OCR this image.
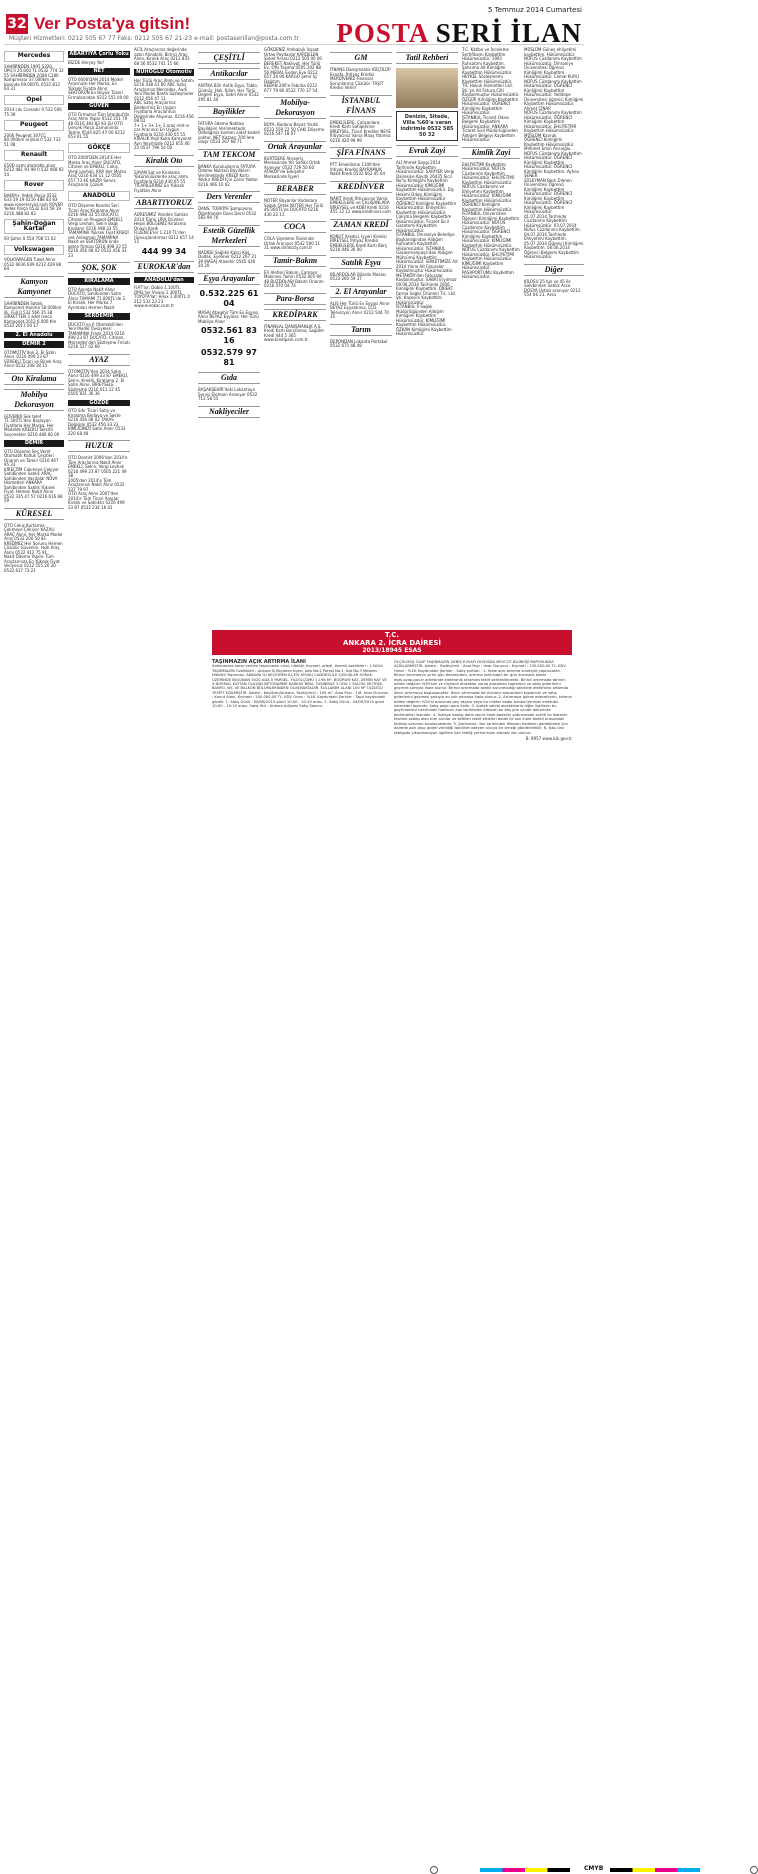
32 Ver Posta'ya gitsin!
Müşteri Hizmetleri: 0212 505 67 77 Faks: 0212 505 67 21-23 e-mail: postaseriilan@posta.com.tr
5 Temmuz 2014 Cumartesi
POSTA SERİ İLAN
Mercedes
SAHİBİNDEN 1995 S320, UPG'li 25.000 TL 0532 774 32 55 SAHİBİNDEN 2008 C180 Kompressor 37.000km ilk basında 69.000TL 0532 812 64 31
Opel
2014 cıkı Corsadır 0 532 506 75 39
Peugeot
2006 Peugeot 307CC 80.000km orijinal 0 532 733 51 08
Renault
E50D cami otomatik alınır 0212 481 91 98 0 532 468 92 54
Rover
BAKIM+ Yedek Parça 0532 633 59 19 0216 488 83 83 www.roverservisi.com ROVER Yedek Parça 0532 633 59 19 0216 488 83 83
Şahin-Doğan Kartal
93 Şahin 0 554 708 51 02
Volkswagen
VOLKSWAGEN Tuket Alınır 0532 6636 609 0212 429 86 64
Kamyon Kamyonet
SAHİBİNDEN Satılık Kamyonet Hanma 58.000km ilk, Full 0 532 566 35 38 SİRKETTEN 3 adet Iveco Kamyonet 2012 6.000 Km 0532 2017 00 17
2. El Anadolu
DEMİR 2
OTOMOTİV'den 2. El Satın Alınır. 0216 499 23 87 SÜREKLİ Ticari ve Binek Araç Alınır 0532 208 18 15
Oto Kiralama
Mobilya Dekorasyon
GÜVENİR Sek telef 71.500TL'den Başlayan Fiyatlarla Her Marka, Her Modelde KREDİLİ Taksitli Seçenekler 0216 466 80 00
DEMİR
OTO Döşeme Seç Veret Otomatik Koltuk Çeşitleri Onarım ve Tamiri 0216 467 95 33
KİREÇÖM Cekmeye Çekiyor Sahibinden Satılık ARAÇ Sahibinden Vasıtalar NÜVA Hizmetleri ANKARA Sahibinden Satılık Yüksek Fiyat. Hemen Nakit Alınır 0532 335 47 57 0216 616 68 59
KÜRESEL
OTO Cekiş Kurtarma Çekmeye Çekiyor KAZALI ARAÇ Alınır. Her Marka Model Araç 0532 200 50 81 KREDİNİZ Her Sorunu Hemen Çözülür Güvenilir, Hızlı Araç Alımı 0532 412 75 91
Nakit Ödeme Yapılır. Tüm Araçlarınıza En Yüksek Fiyat Veriyoruz 0212 555 20 20 0532 617 73 21
ABARTIYA Çorlu Yoku
BİZDE Herşey Yer!
NET
OTO 6000'DAN 2014 Model Aracınızın Her Marka, En Yüksek Fiyatla Alınır SEKTÖRÜN En Büyük Tüzeri Firmalarından 0212 555 00 00
GÜVEN
OTO Firmamız Tüm İstanbul'da Araç Alımı Yapar 0532 251 79 48 0216 383 83 83 ŞU OTO Gerçek Parça Zamanında Teslim 0544 825 47 00 0212 653 01 55
GÖKÇE
OTO 2000'DEN 2014'E Her Marka Araç Alınır DUCATO, Citroen ve EMEKLİ, Cekiş, Vergi Levhalı, KAR Her Marka Araç 0216 634 11 12 0505 657 73 46 HAZIR Servis Araçlarına Çözüm
ANADOLU
OTO Döşeme Kondisi Seri Ticari Araç Kiralama Alınır 0216 498 33 55 DUCATO, Citroen ve Peugeot EMEKLİ, Vergi Levhalı, Sek'e Bağlı Kiralanır 0216 498 33 55 TAMAMINA Yüksek Fiyat KREDİ sek Anlaşmalı TAMAMINA Nakit ve SEKTÖRÜN önde gelen firması 0216 498 33 55
0216 456 08 02 0532 456 33 23
ŞOK, ŞOK
KİRALAMA
OTO Anında Nakit Alınır DUCATO, Sahibinden Satın Alınır TAMAMI 71.000TL'de 2. El Kiralık, Her Marka 7 Ayrıntıları Hemen Nakit
SERDEMİR
DUCATO'ya 6 Otomobil'den Yeni Model Tavsiyeleri TAMAMINA Frank 2014 0216 499 23 87 DUCATO, Citroen, Mercedes'den Sözleşme Fırsatı 0216 527 02 69
AYAZ
OTOMOTİV'den 2014 Satın Alınır 0216 499 23 87 EMEKLİ, Sek'e, Kredili, Kiralama 2. El Satın Alınır, BİREYSELE Sözleşme 0216 611 12 45 0505 831 36 36
GÖZDE
OTO Sıfır Ticari Satış ve Kiralama Bedava ve Sekte 0216 456 08 02 TAKAS Değişimi 0532 456 33 23 KİMLİĞİNİZİ Satın Alınır 0532 220 68 48
HUZUR
OTO Dentist 2006'dan 2014'e Tüm Araçlarınız Nakit Alınır EMEKLİ, Sek'e, Vergi Levhalı 0216 499 23 87 0505 221 49 38
2005'den 2014'e Tüm Araçlarınızı Nakit Alırız 0532 337 79 97
OTO Araç Alımı 2007'den 2014'e Tüm Ticari Araçlar Kiralık ve Satılıktır 0216 499 23 87 0532 234 16 01
ACİL Araçlarınız değerinde satın Alınabilir. Birinci Araç Alımı, Kiralık Araç 0212 833 68 56 0532 741 15 66
NUHOĞLU Otomotiv
Her Türlü Araç Alımı ve Satımı 0216 438 41 00 ABC Satış Araçlarınız Mercedes, Audi Yeni Model Bantlı Sözleşmeler 0212 656 47 11
ABC Satış Araçlarınız Birebirimiz En Uygun Fiyatlarla Araçlarınızı Değerinde Alıyoruz. 0216 456 08 02
7+ 1+ 3+ 1+ 3 araç rent-a-car Aracınızı En Uygun Fiyatlarla 0216 430 05 55
KİRALIK Yeşil Kuka Kamyonet Ayrı Yenimizde 0212 655 06 23 0537 796 54 00
Kiralık Oto
SAYAN Sat ve Kiralama Yükümlülüklerde araç alımı Fiyatlarla 0216 430 05 55 TİCARİLERİNİZ En Yüksek Fiyattan Alınır
ABARTIYORUZ
ADRESİMİZ Yeniden Satılan 2014 Tümü LİRA Ürünleri Hepsi BÖLGENİZ Kiralama Onaylı Kredi
FLUENCE'ler 1.210 TL'den (Sonuçlandırma) 0212 657 14 15
444 99 34
EUROKAR'dan
ANADOLU'dan
FIAT'lar; Doblo 1.100TL OPEL'ler Vivaro 1.300TL TOYOTA'lar; Hilux 1.400TL 0 212 533 23 23 www.eurokar.com.tr
ÇEŞİTLİ
Antikacılar
ANTİKA Bilir Antik Eşya, Tablo, Gümüş, Halı, Kilim, Her Türlü Değerli Eşya, Satın Alınır 0532 295 81 40
Bayilikler
FATURA ödeme Noktası Bayilikleri Verilmektedir. Ödediğiniz kısmen aidat bedeli yoktur. NET Kazanç 700'lere ulaşır 0533 267 68 71
TAM TEKCOM
BANKA Kuruluşlarına FATURA Ödeme Noktası Bayilikleri Verilmektedir KREDİ Kartı Yoktur KREDİ İçin Zarar Yoktur 0216 466 10 62
Ders Verenler
DANS, TÜRKİYE Şampiyonu Öğretmenle Dans Dersi 0532 583 99 76
Estetik Güzellik Merkezleri
NADİDE Sağlıklı Kalıcı Kaş, Dudak, Eyeliner 0212 267 21 39 MASAJ Atasehir 0545 430 20 20
Eşya Arayanlar
0.532.225 61 04
MASAJ Atasehir Tüm Ev Eşyası Alınır BEYAZ Eşyalar, Her Türlü Mobilya Alınır
0532.561 83 16
0532.579 97 81
Gıda
BAŞAKŞEHİR'deki Lokantaya Servis Elemanı Aranıyor 0532 712 58 55
Nakliyeciler
GÖKDENİZ Ambalajlı İnşaat Ortak Paydaşlar KARDELEN Şirket Arsası 0212 505 00 00
BEREKET Nakliyat, Her Türlü Ev, Ofis Taşıma 0505 202 88 56 MERAL Evden Eve 0212 657 26 90 KARGO Şehir İçi Dağıtım
KEBAN 200'e Fabrika 0212 677 79 86 0532 770 37 54
Mobilya-Dekorasyon
BOYA, Badana Beyaz Yıkıklı 0533 559 22 50 ÇAKI Döşeme 0216 547 18 07
Ortak Arayanlar
KURTDERE Alışveriş Merkezinde Yer Sahibi Ortak Aranıyor 0532 729 50 60 ATAKÖY'de Eskişehir Merkezinde İşyeri
BERABER
NOTER Bayanlar Kadınlara Soğuk Ortak NOTER Her Türlü 46.000TL'ye DUCATO 0216 430 22 11
COCA
COLA Şişeleme Tesisinde Ortak Aranıyor 0542 560 11 31 www.drinkcity.com.tr
Tamir-Bakım
EV Aletleri Bakım, Çamaşır Makinesi Tamiri 0532 605 90 48 BUZDOLABI Bakım Onarım 0216 470 04 74
Para-Borsa
KREDİPARK
FİNANSAL DANIŞMANLIK A.Ş. Kredi Kartı Borçlarına, Sağlam Kredi 444 5 365 www.kredipark.com.tr
GM
FİNANS Danışmanlık KÜÇÜLÜP Esnafa, İhtiyaç Kredisi MERDİVENİZ Finansal Sorunlarınız Çözülür. TAŞIT Kredisi Verilir
İSTANBUL FİNANS
EMEKLİLERE, Çalışanlara, Kredi Kartı Sahiplerine BİREYSEL, Ticari Krediler NEYE Ihtiyacınız Varsa Maaş Yatırma 0216 420 99 99
ŞİFA FİNANS
PTT Emeklisine 1100'den ihtiyaç Kredisi BAYRAMLIK Nakit Kredi 0532 662 45 64
KREDİNVER
NAKİT Kredi İhtiyacınız Varsa EMEKLİLERE ve ÇALIŞANLARA BİREYSEL ve KOBİ Kredi 0216 455 12 12 www.kredinver.com
ZAMAN KREDİ
KONUT Kredisi, İşyeri Kredisi BİREYSEL İhtiyaç Kredisi EMEKLİLERE Kredi Kartı Borç 0216 446 36 00
Satılık Eşya
BİLARDOLAR Bilardo Masası 0533 260 59 37
2. El Arayanlar
ALIŞ Her Türlü Ev Eşyası Alınır BEYAZ Eşyalarınız, LCD Televizyon Alınır 0212 544 70 35
Tarım
DEPONDAN Lokanta Portakal 0532 675 48 48
Tatil Rehberi
Denizin, Sitede, Villa %60'a varan indirimle 0532 585 50 32
Evrak Zayi
ALİ Ahmet Saygı 2014 Tarihinde Kaybettim Hükümsüzdür. SARIYER Vergi Dairesine Kayıtlı 26435 Sicil No'lu Kimliğimi Kaybettim Hükümsüzdür KİMLİĞİMİ Kaybettim Hükümsüzdür. Diş Hekimi Odası Kimliğimi Kaybettim Hükümsüzdür
ÖĞRENCİ Kimliğimi Kaybettim Hükümsüzdür. Ehliyetimi Kaybettim Hükümsüzdür. Çalışma Belgemi Kaybettim Hükümsüzdür. Ticaret Sicil Gazetemi Kaybettim Hükümsüzdür.
İSTANBUL Ümraniye Belediye Başkanlığından Aldığım Ruhsatımı Kaybettim Hükümsüzdür. İSTANBUL Gaziosmanpaşa'dan Aldığım Mührümü Kaybettim Hükümsüzdür. SİRKETİMİZE Ait 2014 Yılına Ait Faturalar Kaybolmuştur Hükümsüzdür.
METAKÖR'den Faturalar Kaybolmuştur. SABRİ Eryılmaz 09.06.2014 Tarihinde 1956 Kimliğimi Kaybettim. DİREKT Farma Sağlık Ürünleri Tic. Ltd. Şti. Kaşesini Kaybettim Hükümsüzdür.
İSTANBUL İl Sağlık Müdürlüğünden Aldığım Kimliğimi Kaybettim Hükümsüzdür. KİMLİĞİMİ Kaybettim Hükümsüzdür. ÖZKAN Kimliğimi Kaybettim Hükümsüzdür.
T.C. Kâtibe ve İnceleme Sertifikamı Kaybettim Hükümsüzdür. 1993 Ruhsatımı Kaybettim. Şahsıma Ait Kimliğimi Kaybettim Hükümsüzdür. HEYKEL Sözleşmemi Kaybettim Hükümsüzdür.
TİC Hukuk Hizmetleri Ltd. Şti.'ye Ait Fatura Cilti Kaybolmuştur Hükümsüzdür. ÖZGÜR Kimliğimi Kaybettim Hükümsüzdür. ÖĞRENCİ Kimliğimi Kaybettim Hükümsüzdür.
İSTANBUL Ticaret Odası Belgemi Kaybettim Hükümsüzdür. ANKARA Ticaret Sicil Müdürlüğünden Aldığım Belgeyi Kaybettim Hükümsüzdür.
Kimlik Zayi
EHLİYETİMİ Kaybettim Hükümsüzdür. NÜFUS Cüzdanımı Kaybettim Hükümsüzdür. EHLİYETİMİ Kaybettim Hükümsüzdür. NÜFUS Cüzdanımı ve Ehliyetimi Kaybettim Hükümsüzdür. KİMLİĞİMİ Kaybettim Hükümsüzdür.
ÖĞRENCİ Kimliğimi Kaybettim Hükümsüzdür. İSTANBUL Üniversitesi Öğrenci Kimliğimi Kaybettim Hükümsüzdür. NÜFUS Cüzdanımı Kaybettim Hükümsüzdür. ÖĞRENCİ Kimliğimi Kaybettim Hükümsüzdür. KİMLİĞİMİ Kaybettim Hükümsüzdür.
NÜFUS Cüzdanımı Kaybettim Hükümsüzdür. EHLİYETİMİ Kaybettim Hükümsüzdür. KİMLİĞİMİ Kaybettim Hükümsüzdür. PASAPORTUMU Kaybettim Hükümsüzdür.
MÜSLÜM Güneş ehliyetimi kaybettim. Hükümsüzdür. NÜFUS Cüzdanımı Kaybettim Hükümsüzdür. Ümraniye Üniversitesi Öğrenci Kimliğimi Kaybettim Hükümsüzdür. Cemal KURU
NÜFUS Cüzdanımı Kaybettim Hükümsüzdür. ÖĞRENCİ Kimliğimi Kaybettim Hükümsüzdür. Yeditepe Üniversitesi öğrenci Kimliğimi Kaybettim Hükümsüzdür. Ahmet ÇİNAR
NÜFUS Cüzdanımı Kaybettim Hükümsüzdür. ÖĞRENCİ Kimliğimi Kaybettim Hükümsüzdür. EHLİYETİMİ Kaybettim Hükümsüzdür. MÜSLÜM Kavruk
ÖĞRENCİ Kimliğimi Kaybettim Hükümsüzdür. Mehmet Emin Arıcıoğlu. NÜFUS Cüzdanımı Kaybettim Hükümsüzdür. ÖĞRENCİ Kimliğimi Kaybettim Hükümsüzdür. ÖĞRENCİ Kimliğimi Kaybettim. Ayhan ŞENER
SÜLEYMAN Berk Dilmen Üniversitesi Öğrenci Kimliğimi Kaybettim Hükümsüzdür. ÖĞRENCİ Kimliğimi Kaybettim Hükümsüzdür. ÖĞRENCİ Kimliğimi Kaybettim Hükümsüzdür.
01.07.2014 Tarihinde Cüzdanımı Kaybettim Hükümsüzdür. 03.07.2014 Nüfus Cüzdanımı Kaybettim. 04.07.2014 Tarihinde Ehliyetimi Kaybettim. 05.07.2014 Öğrenci Kimliğimi Kaybettim. 06.06.2014 Öğrenci Belgemi Kaybettim Hükümsüzdür.
Diğer
KİLOSU 25 bin ve 45 ile Sahibinden Satılık Arsa. DOSYA Ustası aranıyor 0212 554 66 21. Arsa
T.C.
ANKARA 2. İCRA DAİRESİ
2013/18945 ESAS
TAŞINMAZIN AÇIK ARTIRMA İLANI
Satılmasına karar verilen taşınmazın cinsi, niteliği, kıymeti, adedi, önemli özellikleri : 1 NOLU TAŞINMAZIN Özellikleri : Ankara İli Keçiören İlçesi, Ada No:2 Parsel No:1, Kat No:3 Mesken Nitelikli Taşınmaz. ANKARA İLİ KEÇİÖREN İLÇESİ AYVALI CADDESİ İLE ÇAVUŞLAR SOKAK ÜZERİNDE BULUNAN 3020 ADA 5 PARSEL. YÜZÖLÇÜMÜ 1.196 M². BODRUM KAT, ZEMİN KAT VE 4 NORMAL KATTAN OLUŞAN BETONARME KARKAS BİNA. TAŞINMAZ 3 ODA 1 SALON, MUTFAK, BANYO, WC VE BALKON BÖLÜMLERİNDEN OLUŞMAKTADIR. KULLANIM ALANI 100 M² OLDUĞU TESPİT EDİLMİŞTİR. Adresi : Keçiören/Ankara. Yüzölçümü : 100 m². Arsa Payı : 1/8. İmar Durumu : Konut Alanı. Kıymeti : 100.000,00 TL. KDV Oranı : %18. Kaydındaki Şerhler : Tapu kaydındaki gibidir. 1. Satış Günü : 08/08/2014 günü 10:00 - 10:10 arası. 2. Satış Günü : 04/09/2014 günü 10:00 - 10:10 arası. Satış Yeri : Ankara Adliyesi Satış Salonu.
ÖLÇÜLMÜŞ OLUP TAŞINMAZIN GENİŞ EVSAFI DOSYADA MEVCUT BİLİRKİŞİ RAPORUNDA AÇIKLANMIŞTIR. Adresi : Yüzölçümü : Arsa Payı : İmar Durumu : Kıymeti : 130.000,00 TL. KDV Oranı : %18. Kaydındaki Şerhler : Satış şartları : 1- İhale açık artırma suretiyle yapılacaktır. Birinci artırmanın yirmi gün öncesinden, artırma tarihinden bir gün öncesine kadar esat.uyap.gov.tr adresinde elektronik ortamda teklif verilebilecektir. Birinci artırmada tahmin edilen değerin %50'sini ve rüçhanlı alacaklar varsa alacakları toplamını ve satış giderlerini geçmek şartıyla ihale olunur. Birinci artırmada istekli bulunmadığı takdirde elektronik ortamda ikinci artırmaya başlanacaktır. İkinci artırmada da rüçhanlı alacakların toplamını ve satış giderlerini geçmesi şartıyla en çok artırana ihale olunur. 2- Artırmaya iştirak edeceklerin, tahmin edilen değerin %20'si oranında pey akçesi veya bu miktar kadar banka teminat mektubu vermeleri lazımdır. Satış peşin para iledir. 3- İpotek sahibi alacaklılarla diğer ilgililerin bu gayrimenkul üzerindeki haklarını ilan tarihinden itibaren on beş gün içinde dairemize bildirmeleri lazımdır. 4- İhaleye katılıp daha sonra ihale bedelini yatırmamak sureti ile ihalenin feshine sebep olan tüm alıcılar ve kefilleri teklif ettikleri bedel ile son ihale bedeli arasındaki farktan sorumlu tutulacaklardır. 5- Şartname, ilan tarihinden itibaren herkesin görebilmesi için dairede açık olup gideri verildiği takdirde isteyen alıcıya bir örneği gönderilebilir. 6- İşbu ilan tebligata çıkarılamayan ilgililere ilan tebliğ yerine kaim olacağı ilan olunur.
B: 8957 www.bik.gov.tr
CMYB
